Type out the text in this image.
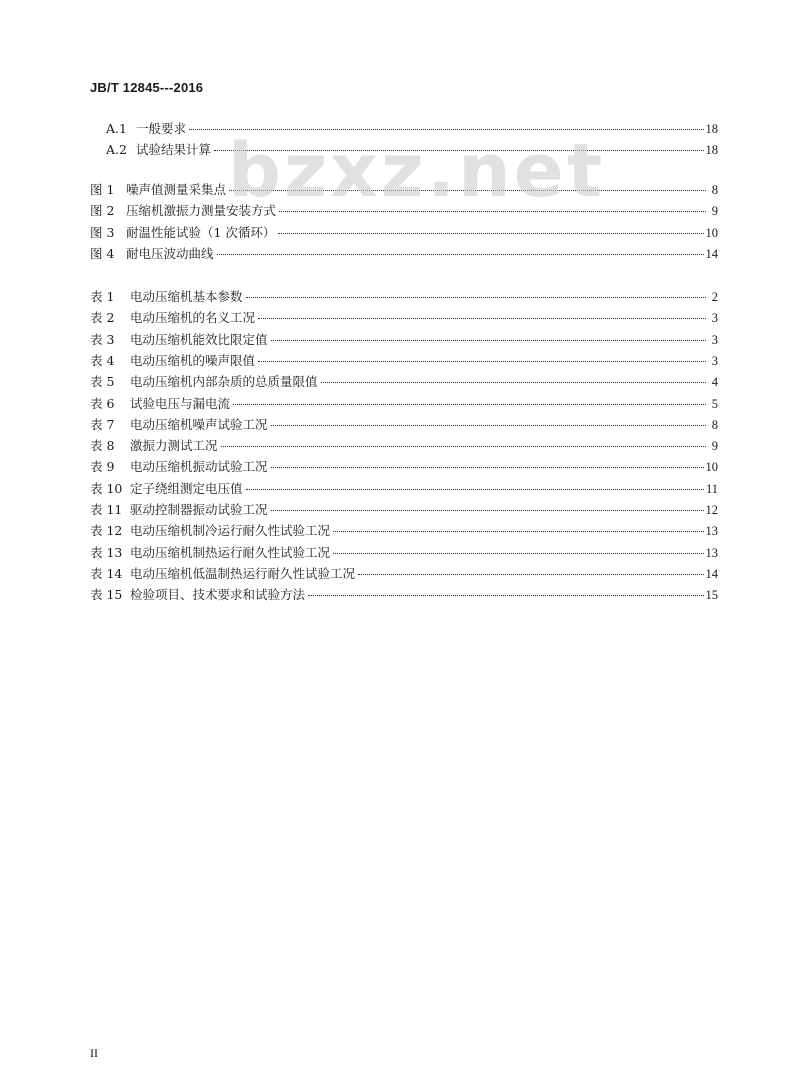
JB/T 12845---2016
bzxz.net
A.1 一般要求	18
A.2 试验结果计算	18
图 1 噪声值测量采集点	8
图 2 压缩机激振力测量安装方式	9
图 3 耐温性能试验（1 次循环）	10
图 4 耐电压波动曲线	14
表 1	电动压缩机基本参数	2
表 2	电动压缩机的名义工况	3
表 3	电动压缩机能效比限定值	3
表 4	电动压缩机的噪声限值	3
表 5	电动压缩机内部杂质的总质量限值	4
表 6	试验电压与漏电流	5
表 7	电动压缩机噪声试验工况	8
表 8	激振力测试工况	9
表 9	电动压缩机振动试验工况	10
表 10 定子绕组测定电压值	11
表 11 驱动控制器振动试验工况	12
表 12 电动压缩机制冷运行耐久性试验工况	13
表 13 电动压缩机制热运行耐久性试验工况	13
表 14 电动压缩机低温制热运行耐久性试验工况	14
表 15 检验项目、技术要求和试验方法	15
II
